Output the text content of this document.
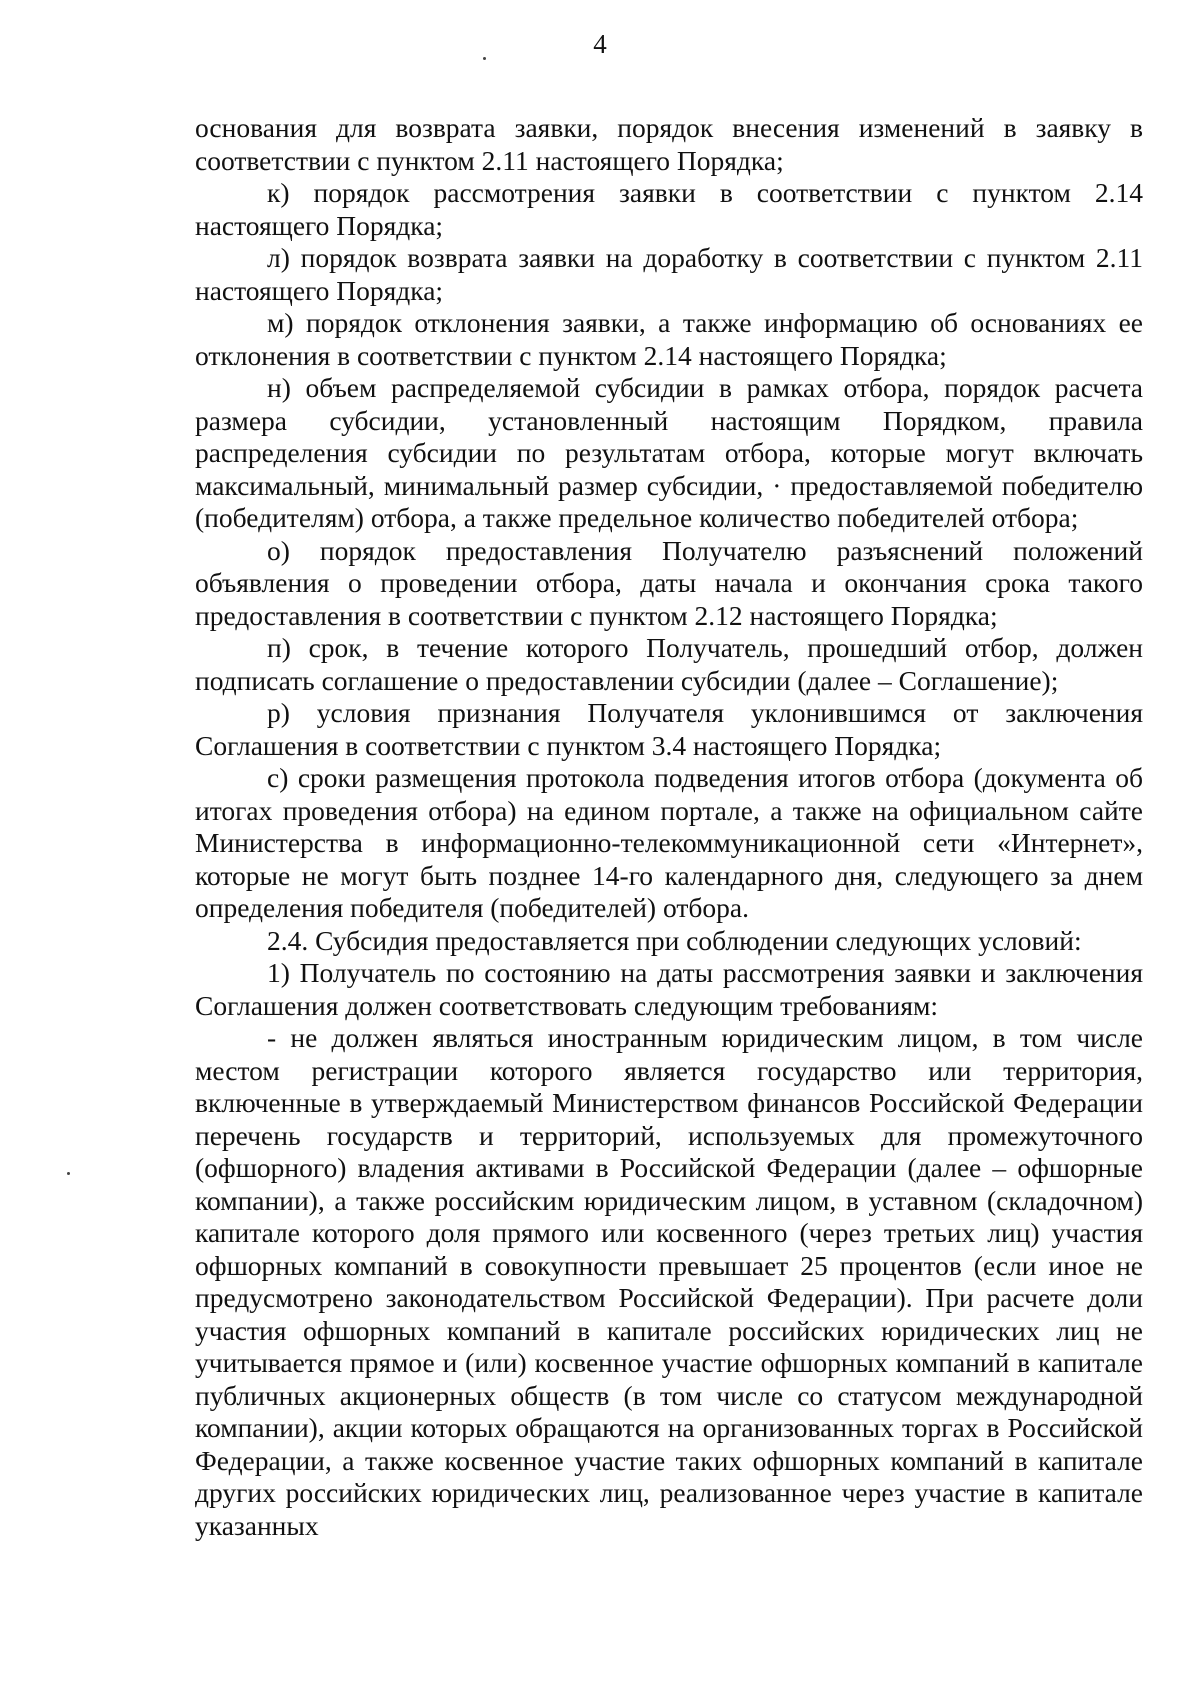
4

основания для возврата заявки, порядок внесения изменений в заявку в соответствии с пунктом 2.11 настоящего Порядка;

к) порядок рассмотрения заявки в соответствии с пунктом 2.14 настоящего Порядка;

л) порядок возврата заявки на доработку в соответствии с пунктом 2.11 настоящего Порядка;

м) порядок отклонения заявки, а также информацию об основаниях ее отклонения в соответствии с пунктом 2.14 настоящего Порядка;

н) объем распределяемой субсидии в рамках отбора, порядок расчета размера субсидии, установленный настоящим Порядком, правила распределения субсидии по результатам отбора, которые могут включать максимальный, минимальный размер субсидии, · предоставляемой победителю (победителям) отбора, а также предельное количество победителей отбора;

о) порядок предоставления Получателю разъяснений положений объявления о проведении отбора, даты начала и окончания срока такого предоставления в соответствии с пунктом 2.12 настоящего Порядка;

п) срок, в течение которого Получатель, прошедший отбор, должен подписать соглашение о предоставлении субсидии (далее – Соглашение);

р) условия признания Получателя уклонившимся от заключения Соглашения в соответствии с пунктом 3.4 настоящего Порядка;

с) сроки размещения протокола подведения итогов отбора (документа об итогах проведения отбора) на едином портале, а также на официальном сайте Министерства в информационно-телекоммуникационной сети «Интернет», которые не могут быть позднее 14-го календарного дня, следующего за днем определения победителя (победителей) отбора.

2.4. Субсидия предоставляется при соблюдении следующих условий:

1) Получатель по состоянию на даты рассмотрения заявки и заключения Соглашения должен соответствовать следующим требованиям:

- не должен являться иностранным юридическим лицом, в том числе местом регистрации которого является государство или территория, включенные в утверждаемый Министерством финансов Российской Федерации перечень государств и территорий, используемых для промежуточного (офшорного) владения активами в Российской Федерации (далее – офшорные компании), а также российским юридическим лицом, в уставном (складочном) капитале которого доля прямого или косвенного (через третьих лиц) участия офшорных компаний в совокупности превышает 25 процентов (если иное не предусмотрено законодательством Российской Федерации). При расчете доли участия офшорных компаний в капитале российских юридических лиц не учитывается прямое и (или) косвенное участие офшорных компаний в капитале публичных акционерных обществ (в том числе со статусом международной компании), акции которых обращаются на организованных торгах в Российской Федерации, а также косвенное участие таких офшорных компаний в капитале других российских юридических лиц, реализованное через участие в капитале указанных
